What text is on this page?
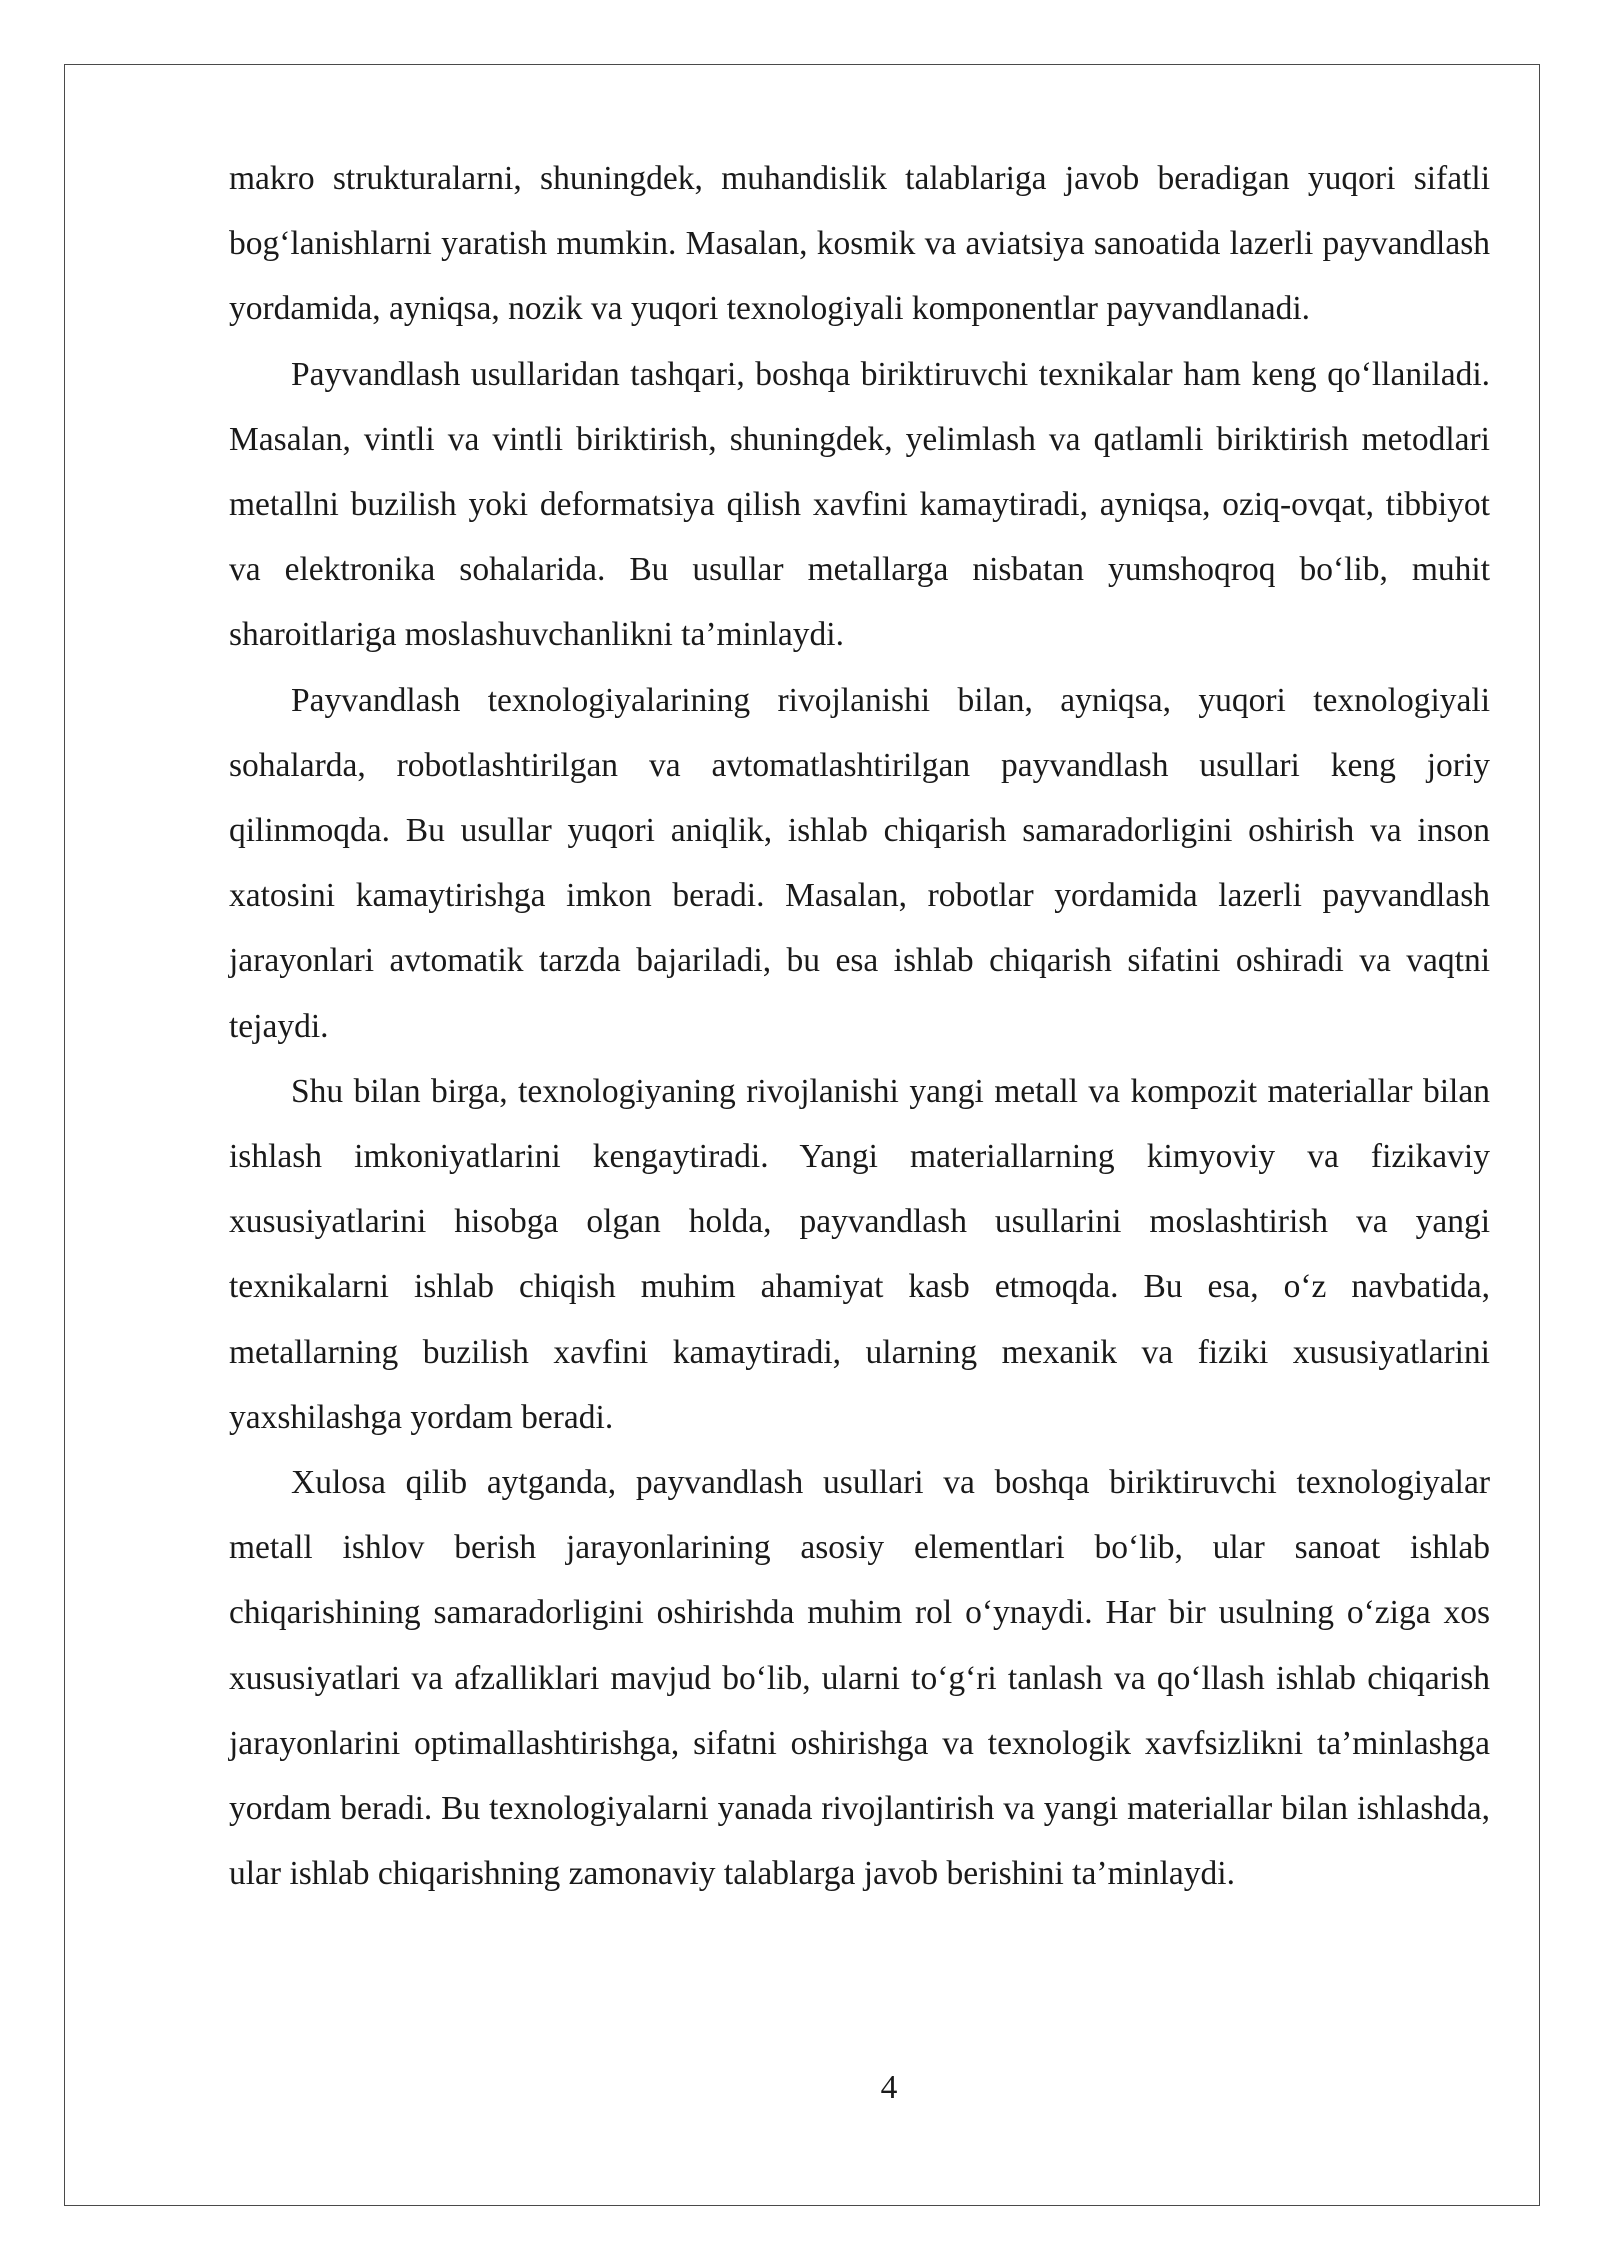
makro strukturalarni, shuningdek, muhandislik talablariga javob beradigan yuqori sifatli bog‘lanishlarni yaratish mumkin. Masalan, kosmik va aviatsiya sanoatida lazerli payvandlash yordamida, ayniqsa, nozik va yuqori texnologiyali komponentlar payvandlanadi.

Payvandlash usullaridan tashqari, boshqa biriktiruvchi texnikalar ham keng qo‘llaniladi. Masalan, vintli va vintli biriktirish, shuningdek, yelimlash va qatlamli biriktirish metodlari metallni buzilish yoki deformatsiya qilish xavfini kamaytiradi, ayniqsa, oziq-ovqat, tibbiyot va elektronika sohalarida. Bu usullar metallarga nisbatan yumshoqroq bo‘lib, muhit sharoitlariga moslashuvchanlikni ta’minlaydi.

Payvandlash texnologiyalarining rivojlanishi bilan, ayniqsa, yuqori texnologiyali sohalarda, robotlashtirilgan va avtomatlashtirilgan payvandlash usullari keng joriy qilinmoqda. Bu usullar yuqori aniqlik, ishlab chiqarish samaradorligini oshirish va inson xatosini kamaytirishga imkon beradi. Masalan, robotlar yordamida lazerli payvandlash jarayonlari avtomatik tarzda bajariladi, bu esa ishlab chiqarish sifatini oshiradi va vaqtni tejaydi.

Shu bilan birga, texnologiyaning rivojlanishi yangi metall va kompozit materiallar bilan ishlash imkoniyatlarini kengaytiradi. Yangi materiallarning kimyoviy va fizikaviy xususiyatlarini hisobga olgan holda, payvandlash usullarini moslashtirish va yangi texnikalarni ishlab chiqish muhim ahamiyat kasb etmoqda. Bu esa, o‘z navbatida, metallarning buzilish xavfini kamaytiradi, ularning mexanik va fiziki xususiyatlarini yaxshilashga yordam beradi.

Xulosa qilib aytganda, payvandlash usullari va boshqa biriktiruvchi texnologiyalar metall ishlov berish jarayonlarining asosiy elementlari bo‘lib, ular sanoat ishlab chiqarishining samaradorligini oshirishda muhim rol o‘ynaydi. Har bir usulning o‘ziga xos xususiyatlari va afzalliklari mavjud bo‘lib, ularni to‘g‘ri tanlash va qo‘llash ishlab chiqarish jarayonlarini optimallashtirishga, sifatni oshirishga va texnologik xavfsizlikni ta’minlashga yordam beradi. Bu texnologiyalarni yanada rivojlantirish va yangi materiallar bilan ishlashda, ular ishlab chiqarishning zamonaviy talablarga javob berishini ta’minlaydi.

4
